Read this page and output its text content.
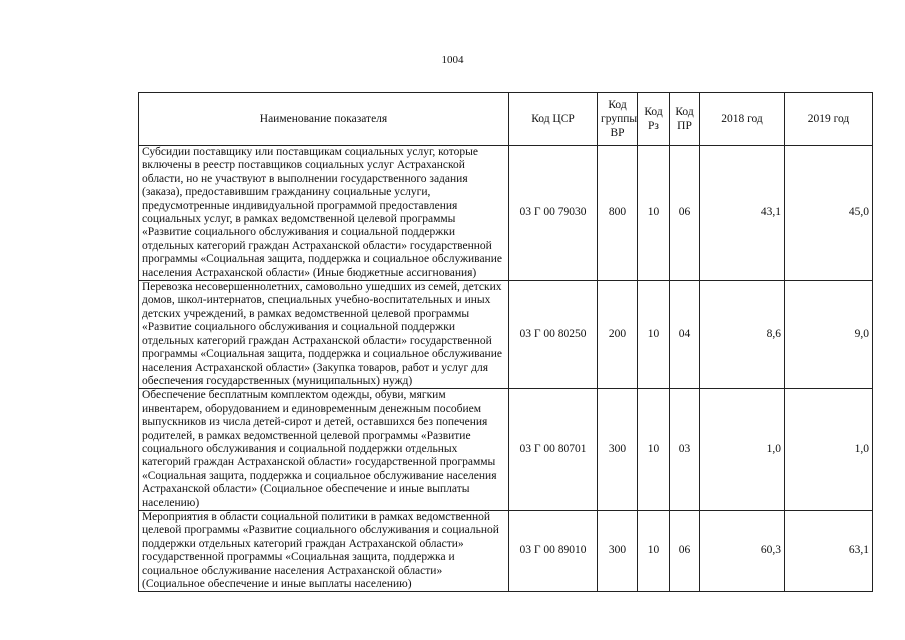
1004
Наименование показателя	Код ЦСР	Код группы ВР	Код Рз	Код ПР	2018 год	2019 год
Субсидии поставщику или поставщикам социальных услуг, которые включены в реестр поставщиков социальных услуг Астраханской области, но не участвуют в выполнении государственного задания (заказа), предоставившим гражданину социальные услуги, предусмотренные индивидуальной программой предоставления социальных услуг, в рамках ведомственной целевой программы «Развитие социального обслуживания и социальной поддержки отдельных категорий граждан Астраханской области» государственной программы «Социальная защита, поддержка и социальное обслуживание населения Астраханской области» (Иные бюджетные ассигнования)	03 Г 00 79030	800	10	06	43,1	45,0
Перевозка несовершеннолетних, самовольно ушедших из семей, детских домов, школ-интернатов, специальных учебно-воспитательных и иных детских учреждений, в рамках ведомственной целевой программы «Развитие социального обслуживания и социальной поддержки отдельных категорий граждан Астраханской области» государственной программы «Социальная защита, поддержка и социальное обслуживание населения Астраханской области» (Закупка товаров, работ и услуг для обеспечения государственных (муниципальных) нужд)	03 Г 00 80250	200	10	04	8,6	9,0
Обеспечение бесплатным комплектом одежды, обуви, мягким инвентарем, оборудованием и единовременным денежным пособием выпускников из числа детей-сирот и детей, оставшихся без попечения родителей, в рамках ведомственной целевой программы «Развитие социального обслуживания и социальной поддержки отдельных категорий граждан Астраханской области» государственной программы «Социальная защита, поддержка и социальное обслуживание населения Астраханской области» (Социальное обеспечение и иные выплаты населению)	03 Г 00 80701	300	10	03	1,0	1,0
Мероприятия в области социальной политики в рамках ведомственной целевой программы «Развитие социального обслуживания и социальной поддержки отдельных категорий граждан Астраханской области» государственной программы «Социальная защита, поддержка и социальное обслуживание населения Астраханской области» (Социальное обеспечение и иные выплаты населению)	03 Г 00 89010	300	10	06	60,3	63,1
